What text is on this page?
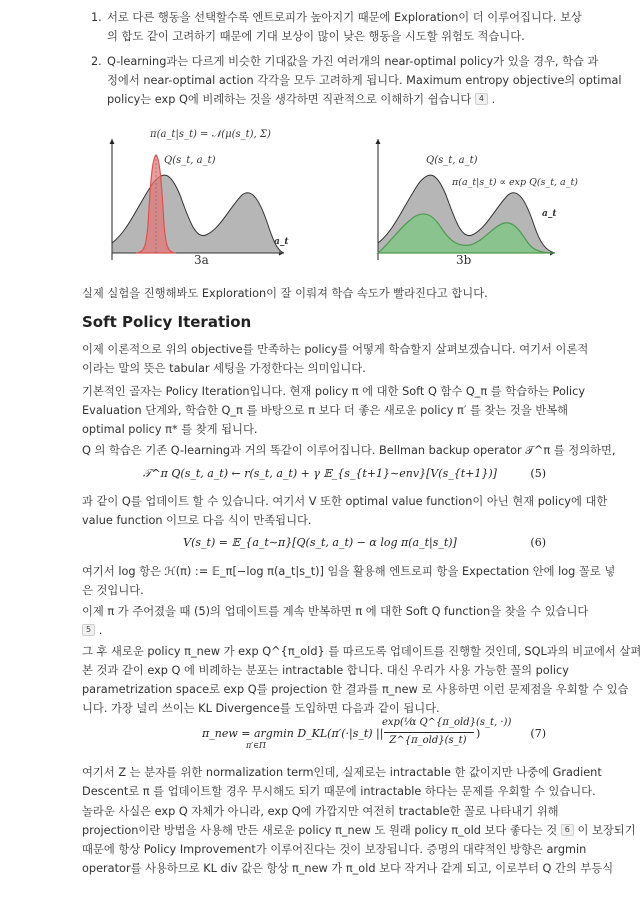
1. 서로 다른 행동을 선택할수록 엔트로피가 높아지기 때문에 Exploration이 더 이루어집니다. 보상
의 합도 같이 고려하기 때문에 기대 보상이 많이 낮은 행동을 시도할 위험도 적습니다.
2. Q-learning과는 다르게 비슷한 기대값을 가진 여러개의 near-optimal policy가 있을 경우, 학습 과
정에서 near-optimal action 각각을 모두 고려하게 됩니다. Maximum entropy objective의 optimal
policy는 exp Q에 비례하는 것을 생각하면 직관적으로 이해하기 쉽습니다 4 .
π(a_t|s_t) = 𝒩(μ(s_t), Σ)
Q(s_t, a_t)
a_t
3a
Q(s_t, a_t)
π(a_t|s_t) ∝ exp Q(s_t, a_t)
a_t
3b

실제 실험을 진행해봐도 Exploration이 잘 이뤄져 학습 속도가 빨라진다고 합니다.

Soft Policy Iteration

이제 이론적으로 위의 objective를 만족하는 policy를 어떻게 학습할지 살펴보겠습니다. 여기서 이론적
이라는 말의 뜻은 tabular 세팅을 가정한다는 의미입니다.

기본적인 골자는 Policy Iteration입니다. 현재 policy π 에 대한 Soft Q 함수 Q_π 를 학습하는 Policy
Evaluation 단계와, 학습한 Q_π 를 바탕으로 π 보다 더 좋은 새로운 policy π′ 를 찾는 것을 반복해
optimal policy π* 를 찾게 됩니다.

Q 의 학습은 기존 Q-learning과 거의 똑같이 이루어집니다. Bellman backup operator 𝒯^π 를 정의하면,

𝒯^π Q(s_t, a_t) ← r(s_t, a_t) + γ 𝔼_{s_{t+1}∼env}[V(s_{t+1})]	(5)

과 같이 Q를 업데이트 할 수 있습니다. 여기서 V 또한 optimal value function이 아닌 현재 policy에 대한
value function 이므로 다음 식이 만족됩니다.

V(s_t) = 𝔼_{a_t∼π}[Q(s_t, a_t) − α log π(a_t|s_t)]	(6)

여기서 log 항은 ℋ(π) := 𝔼_π[−log π(a_t|s_t)] 임을 활용해 엔트로피 항을 Expectation 안에 log 꼴로 넣
은 것입니다.

이제 π 가 주어졌을 때 (5)의 업데이트를 계속 반복하면 π 에 대한 Soft Q function을 찾을 수 있습니다
5 .

그 후 새로운 policy π_new 가 exp Q^{π_old} 를 따르도록 업데이트를 진행할 것인데, SQL과의 비교에서 살펴
본 것과 같이 exp Q 에 비례하는 분포는 intractable 합니다. 대신 우리가 사용 가능한 꼴의 policy
parametrization space로 exp Q를 projection 한 결과를 π_new 로 사용하면 이런 문제점을 우회할 수 있습
니다. 가장 널리 쓰이는 KL Divergence를 도입하면 다음과 같이 됩니다.

π_new = argmin D_KL(π′(·|s_t) ||
π′∈Π
exp(¹⁄α Q^{π_old}(s_t, ·))
Z^{π_old}(s_t)
)	(7)

여기서 Z 는 분자를 위한 normalization term인데, 실제로는 intractable 한 값이지만 나중에 Gradient
Descent로 π 를 업데이트할 경우 무시해도 되기 때문에 intractable 하다는 문제를 우회할 수 있습니다.

놀라운 사실은 exp Q 자체가 아니라, exp Q에 가깝지만 여전히 tractable한 꼴로 나타내기 위해
projection이란 방법을 사용해 만든 새로운 policy π_new 도 원래 policy π_old 보다 좋다는 것 6 이 보장되기
때문에 항상 Policy Improvement가 이루어진다는 것이 보장됩니다. 증명의 대략적인 방향은 argmin
operator를 사용하므로 KL div 값은 항상 π_new 가 π_old 보다 작거나 같게 되고, 이로부터 Q 간의 부등식
